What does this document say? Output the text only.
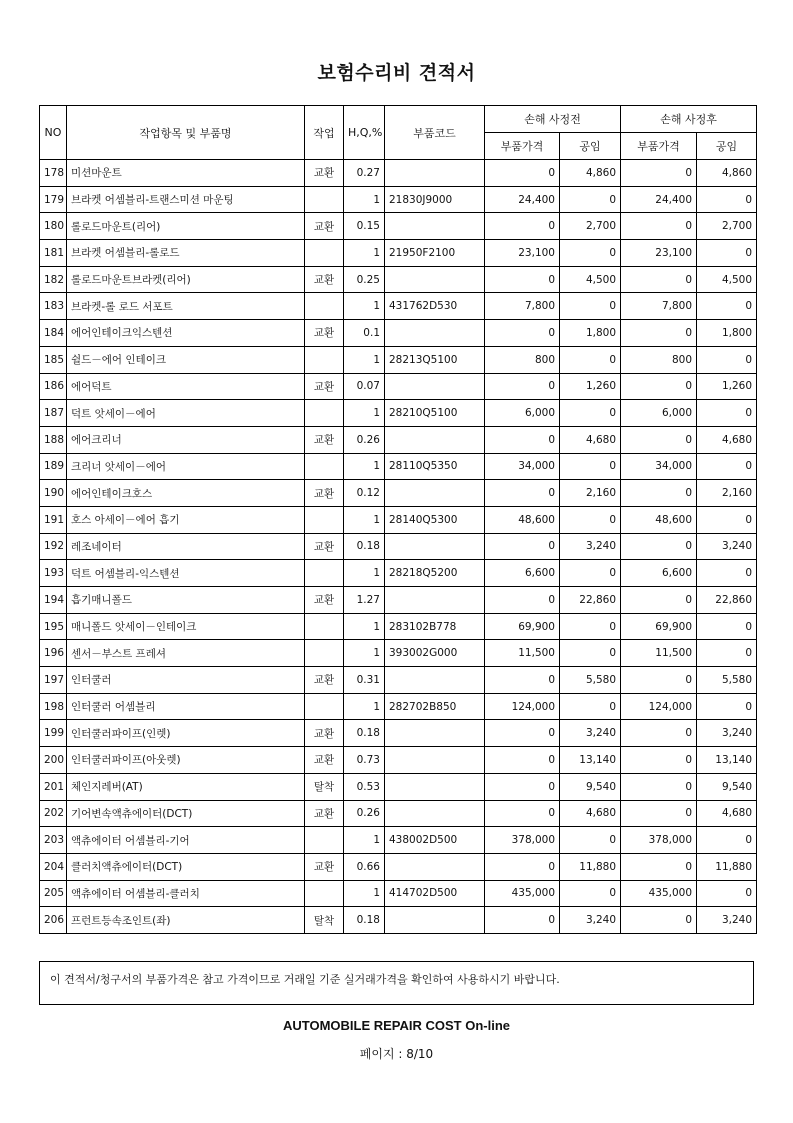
보험수리비 견적서
NO	작업항목 및 부품명	작업	H,Q,%	부품코드	손해 사정전		손해 사정후	
					부품가격	공임	부품가격	공임
178	미션마운트	교환	0.27		0	4,860	0	4,860
179	브라켓 어셈블리-트랜스미션 마운팅		1	21830J9000	24,400	0	24,400	0
180	롤로드마운트(리어)	교환	0.15		0	2,700	0	2,700
181	브라켓 어셈블리-롤로드		1	21950F2100	23,100	0	23,100	0
182	롤로드마운트브라켓(리어)	교환	0.25		0	4,500	0	4,500
183	브라켓-롤 로드 서포트		1	431762D530	7,800	0	7,800	0
184	에어인테이크익스텐션	교환	0.1		0	1,800	0	1,800
185	쉴드－에어 인테이크		1	28213Q5100	800	0	800	0
186	에어덕트	교환	0.07		0	1,260	0	1,260
187	덕트 앗세이－에어		1	28210Q5100	6,000	0	6,000	0
188	에어크리너	교환	0.26		0	4,680	0	4,680
189	크리너 앗세이－에어		1	28110Q5350	34,000	0	34,000	0
190	에어인테이크호스	교환	0.12		0	2,160	0	2,160
191	호스 아세이－에어 흡기		1	28140Q5300	48,600	0	48,600	0
192	레조네이터	교환	0.18		0	3,240	0	3,240
193	덕트 어셈블리-익스텐션		1	28218Q5200	6,600	0	6,600	0
194	흡기매니폴드	교환	1.27		0	22,860	0	22,860
195	매니폴드 앗세이－인테이크		1	283102B778	69,900	0	69,900	0
196	센서－부스트 프레셔		1	393002G000	11,500	0	11,500	0
197	인터쿨러	교환	0.31		0	5,580	0	5,580
198	인터쿨러 어셈블리		1	282702B850	124,000	0	124,000	0
199	인터쿨러파이프(인렛)	교환	0.18		0	3,240	0	3,240
200	인터쿨러파이프(아웃렛)	교환	0.73		0	13,140	0	13,140
201	체인지레버(AT)	탈착	0.53		0	9,540	0	9,540
202	기어변속액츄에이터(DCT)	교환	0.26		0	4,680	0	4,680
203	액츄에이터 어셈블리-기어		1	438002D500	378,000	0	378,000	0
204	클러치액츄에이터(DCT)	교환	0.66		0	11,880	0	11,880
205	액츄에이터 어셈블리-클러치		1	414702D500	435,000	0	435,000	0
206	프런트등속조인트(좌)	탈착	0.18		0	3,240	0	3,240
이 견적서/청구서의 부품가격은 참고 가격이므로 거래일 기준 실거래가격을 확인하여 사용하시기 바랍니다.
AUTOMOBILE REPAIR COST On-line
페이지 : 8/10
